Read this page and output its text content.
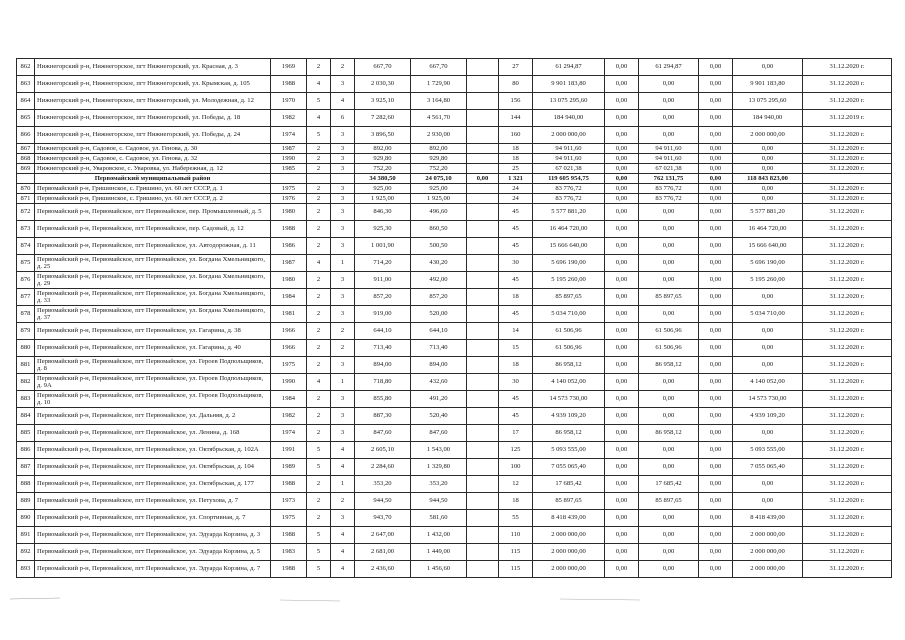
862	Нижнегорский р-н, Нижнегорское, пгт Нижнегорский, ул. Красная, д. 3	1969	2	2	667,70	667,70		27	61 294,87	0,00	61 294,87	0,00	0,00	31.12.2020 г.
863	Нижнегорский р-н, Нижнегорское, пгт Нижнегорский, ул. Крымская, д. 105	1988	4	3	2 030,30	1 729,90		80	9 901 183,80	0,00	0,00	0,00	9 901 183,80	31.12.2020 г.
864	Нижнегорский р-н, Нижнегорское, пгт Нижнегорский, ул. Молодежная, д. 12	1970	5	4	3 925,10	3 164,80		156	13 075 295,60	0,00	0,00	0,00	13 075 295,60	31.12.2020 г.
865	Нижнегорский р-н, Нижнегорское, пгт Нижнегорский, ул. Победы, д. 18	1982	4	6	7 282,60	4 561,70		144	184 940,00	0,00	0,00	0,00	184 940,00	31.12.2019 г.
866	Нижнегорский р-н, Нижнегорское, пгт Нижнегорский, ул. Победы, д. 24	1974	5	3	3 896,50	2 930,00		160	2 000 000,00	0,00	0,00	0,00	2 000 000,00	31.12.2020 г.
867	Нижнегорский р-н, Садовое, с. Садовое, ул. Генова, д. 30	1987	2	3	892,00	892,00		18	94 911,60	0,00	94 911,60	0,00	0,00	31.12.2020 г.
868	Нижнегорский р-н, Садовое, с. Садовое, ул. Генова, д. 32	1990	2	3	929,80	929,80		18	94 911,60	0,00	94 911,60	0,00	0,00	31.12.2020 г.
869	Нижнегорский р-н, Уваровское, с. Уваровка, ул. Набережная, д. 12	1985	2	3	752,20	752,20		25	67 021,38	0,00	67 021,38	0,00	0,00	31.12.2020 г.
	Первомайский муниципальный район				34 380,50	24 075,10	0,00	1 321	119 605 954,75	0,00	762 131,75	0,00	118 843 823,00	
870	Первомайский р-н, Гришинское, с. Гришино, ул. 60 лет СССР, д. 1	1975	2	3	925,00	925,00		24	83 776,72	0,00	83 776,72	0,00	0,00	31.12.2020 г.
871	Первомайский р-н, Гришинское, с. Гришино, ул. 60 лет СССР, д. 2	1976	2	3	1 925,00	1 925,00		24	83 776,72	0,00	83 776,72	0,00	0,00	31.12.2020 г.
872	Первомайский р-н, Первомайское, пгт Первомайское, пер. Промышленный, д. 5	1980	2	3	846,30	496,60		45	5 577 881,20	0,00	0,00	0,00	5 577 881,20	31.12.2020 г.
873	Первомайский р-н, Первомайское, пгт Первомайское, пер. Садовый, д. 12	1988	2	3	925,30	860,50		45	16 464 720,00	0,00	0,00	0,00	16 464 720,00	31.12.2020 г.
874	Первомайский р-н, Первомайское, пгт Первомайское, ул. Автодорожная, д. 11	1986	2	3	1 001,90	500,50		45	15 666 640,00	0,00	0,00	0,00	15 666 640,00	31.12.2020 г.
875	Первомайский р-н, Первомайское, пгт Первомайское, ул. Богдана Хмельницкого, д. 25	1987	4	1	714,20	430,20		30	5 696 190,00	0,00	0,00	0,00	5 696 190,00	31.12.2020 г.
876	Первомайский р-н, Первомайское, пгт Первомайское, ул. Богдана Хмельницкого, д. 29	1980	2	3	911,00	492,00		45	5 195 260,00	0,00	0,00	0,00	5 195 260,00	31.12.2020 г.
877	Первомайский р-н, Первомайское, пгт Первомайское, ул. Богдана Хмельницкого, д. 33	1984	2	3	857,20	857,20		18	85 897,65	0,00	85 897,65	0,00	0,00	31.12.2020 г.
878	Первомайский р-н, Первомайское, пгт Первомайское, ул. Богдана Хмельницкого, д. 37	1981	2	3	919,00	520,00		45	5 034 710,00	0,00	0,00	0,00	5 034 710,00	31.12.2020 г.
879	Первомайский р-н, Первомайское, пгт Первомайское, ул. Гагарина, д. 38	1966	2	2	644,10	644,10		14	61 506,96	0,00	61 506,96	0,00	0,00	31.12.2020 г.
880	Первомайский р-н, Первомайское, пгт Первомайское, ул. Гагарина, д. 40	1966	2	2	713,40	713,40		15	61 506,96	0,00	61 506,96	0,00	0,00	31.12.2020 г.
881	Первомайский р-н, Первомайское, пгт Первомайское, ул. Героев Подпольщиков, д. 8	1975	2	3	894,00	894,00		18	86 958,12	0,00	86 958,12	0,00	0,00	31.12.2020 г.
882	Первомайский р-н, Первомайское, пгт Первомайское, ул. Героев Подпольщиков, д. 9А	1990	4	1	718,80	432,60		30	4 140 052,00	0,00	0,00	0,00	4 140 052,00	31.12.2020 г.
883	Первомайский р-н, Первомайское, пгт Первомайское, ул. Героев Подпольщиков, д. 10	1984	2	3	855,80	491,20		45	14 573 730,00	0,00	0,00	0,00	14 573 730,00	31.12.2020 г.
884	Первомайский р-н, Первомайское, пгт Первомайское, ул. Дальняя, д. 2	1982	2	3	887,30	520,40		45	4 939 109,20	0,00	0,00	0,00	4 939 109,20	31.12.2020 г.
885	Первомайский р-н, Первомайское, пгт Первомайское, ул. Ленина, д. 168	1974	2	3	847,60	847,60		17	86 958,12	0,00	86 958,12	0,00	0,00	31.12.2020 г.
886	Первомайский р-н, Первомайское, пгт Первомайское, ул. Октябрьская, д. 102А	1991	5	4	2 605,10	1 543,00		125	5 093 555,00	0,00	0,00	0,00	5 093 555,00	31.12.2020 г.
887	Первомайский р-н, Первомайское, пгт Первомайское, ул. Октябрьская, д. 104	1989	5	4	2 284,60	1 329,80		100	7 055 065,40	0,00	0,00	0,00	7 055 065,40	31.12.2020 г.
888	Первомайский р-н, Первомайское, пгт Первомайское, ул. Октябрьская, д. 177	1988	2	1	353,20	353,20		12	17 685,42	0,00	17 685,42	0,00	0,00	31.12.2020 г.
889	Первомайский р-н, Первомайское, пгт Первомайское, ул. Петухова, д. 7	1973	2	2	944,50	944,50		18	85 897,65	0,00	85 897,65	0,00	0,00	31.12.2020 г.
890	Первомайский р-н, Первомайское, пгт Первомайское, ул. Спортивная, д. 7	1975	2	3	943,70	581,60		55	8 418 439,00	0,00	0,00	0,00	8 418 439,00	31.12.2020 г.
891	Первомайский р-н, Первомайское, пгт Первомайское, ул. Эдуарда Корзина, д. 3	1988	5	4	2 647,00	1 432,00		110	2 000 000,00	0,00	0,00	0,00	2 000 000,00	31.12.2020 г.
892	Первомайский р-н, Первомайское, пгт Первомайское, ул. Эдуарда Корзина, д. 5	1983	5	4	2 681,00	1 449,00		115	2 000 000,00	0,00	0,00	0,00	2 000 000,00	31.12.2020 г.
893	Первомайский р-н, Первомайское, пгт Первомайское, ул. Эдуарда Корзина, д. 7	1988	5	4	2 436,60	1 456,60		115	2 000 000,00	0,00	0,00	0,00	2 000 000,00	31.12.2020 г.
